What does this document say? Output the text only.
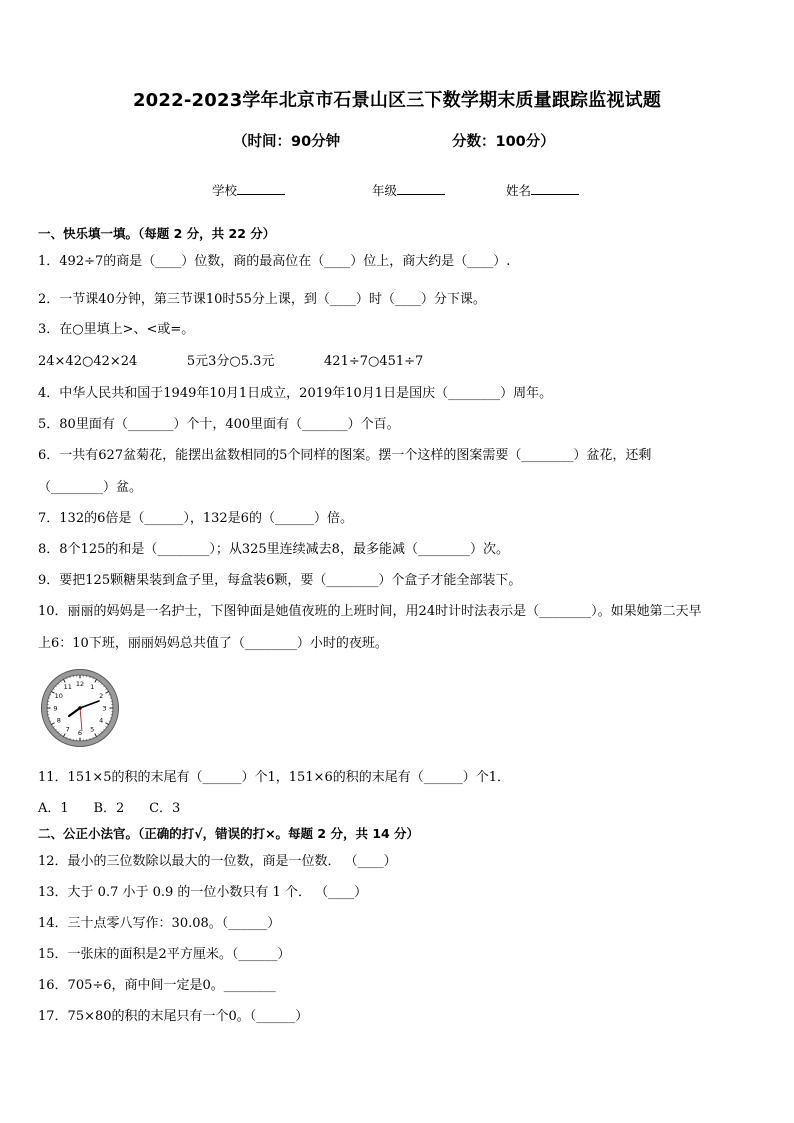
2022-2023学年北京市石景山区三下数学期末质量跟踪监视试题
（时间：90分钟	分数：100分）
学校	年级	姓名
一、快乐填一填。（每题 2 分，共 22 分）
1．492÷7的商是（____）位数，商的最高位在（____）位上，商大约是（____）.
2．一节课40分钟，第三节课10时55分上课，到（____）时（____）分下课。
3．在○里填上>、<或=。
24×42○42×24            5元3分○5.3元            421÷7○451÷7
4．中华人民共和国于1949年10月1日成立，2019年10月1日是国庆（________）周年。
5．80里面有（_______）个十，400里面有（_______）个百。
6．一共有627盆菊花，能摆出盆数相同的5个同样的图案。摆一个这样的图案需要（________）盆花，还剩
（________）盆。
7．132的6倍是（______），132是6的（______）倍。
8．8个125的和是（________）；从325里连续减去8，最多能减（________）次。
9．要把125颗糖果装到盒子里，每盒装6颗，要（________）个盒子才能全部装下。
10．丽丽的妈妈是一名护士，下图钟面是她值夜班的上班时间，用24时计时法表示是（________）。如果她第二天早
上6：10下班，丽丽妈妈总共值了（________）小时的夜班。
12 1
2
3
4
5
6
7
8
9
10
11
11．151×5的积的末尾有（______）个1，151×6的积的末尾有（______）个1．
A．1      B．2      C．3
二、公正小法官。（正确的打√，错误的打×。每题 2 分，共 14 分）
12．最小的三位数除以最大的一位数，商是一位数． （____）
13．大于 0.7 小于 0.9 的一位小数只有 1 个． （____）
14．三十点零八写作：30.08。（______）
15．一张床的面积是2平方厘米。（______）
16．705÷6，商中间一定是0。________
17．75×80的积的末尾只有一个0。（______）
